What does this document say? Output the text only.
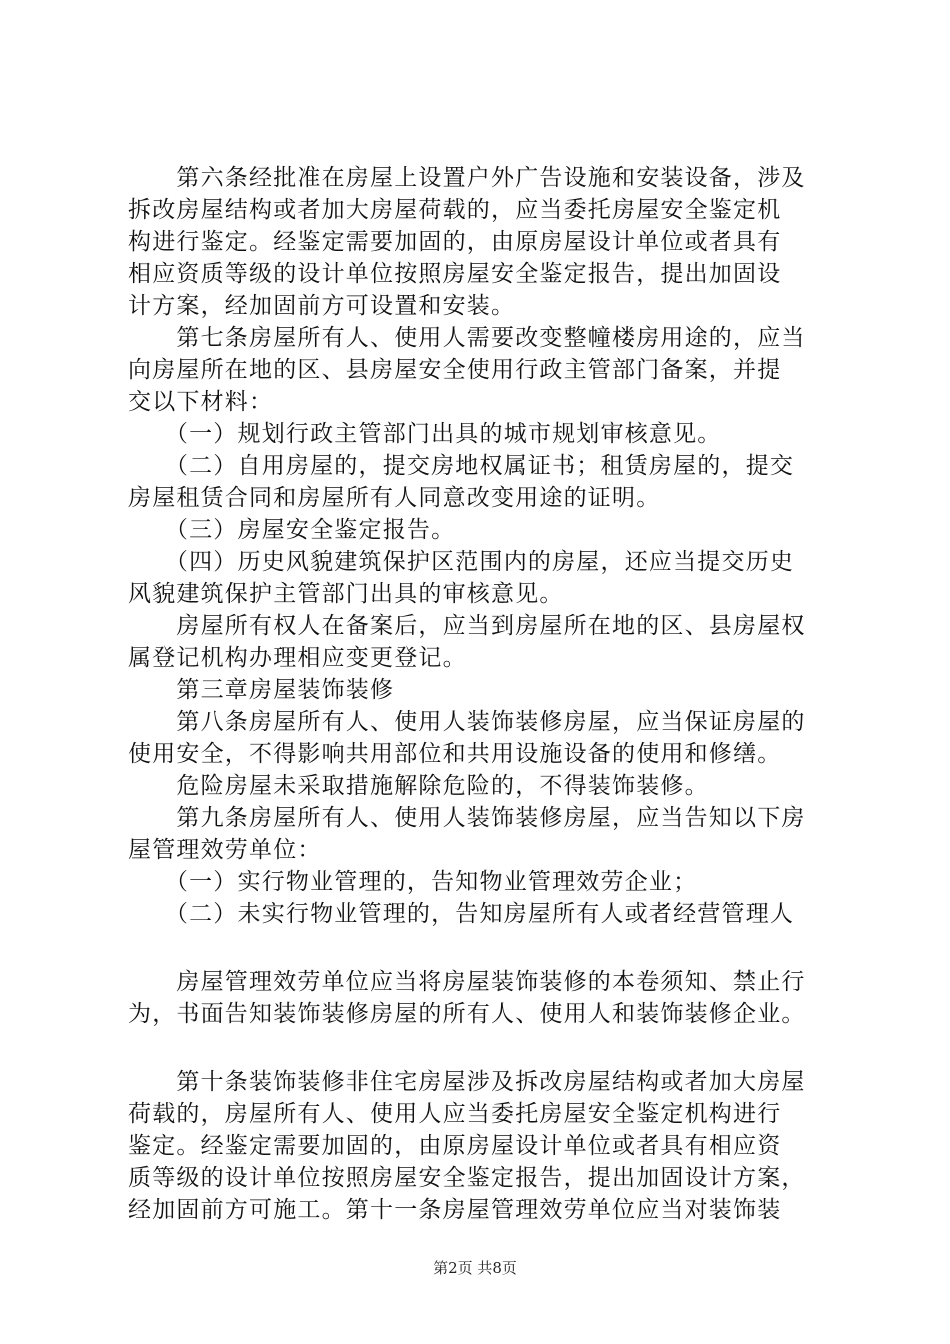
　　第六条经批准在房屋上设置户外广告设施和安装设备，涉及
拆改房屋结构或者加大房屋荷载的，应当委托房屋安全鉴定机
构进行鉴定。经鉴定需要加固的，由原房屋设计单位或者具有
相应资质等级的设计单位按照房屋安全鉴定报告，提出加固设
计方案，经加固前方可设置和安装。
　　第七条房屋所有人、使用人需要改变整幢楼房用途的，应当
向房屋所在地的区、县房屋安全使用行政主管部门备案，并提
交以下材料：
　　（一）规划行政主管部门出具的城市规划审核意见。
　　（二）自用房屋的，提交房地权属证书；租赁房屋的，提交
房屋租赁合同和房屋所有人同意改变用途的证明。
　　（三）房屋安全鉴定报告。
　　（四）历史风貌建筑保护区范围内的房屋，还应当提交历史
风貌建筑保护主管部门出具的审核意见。
　　房屋所有权人在备案后，应当到房屋所在地的区、县房屋权
属登记机构办理相应变更登记。
　　第三章房屋装饰装修
　　第八条房屋所有人、使用人装饰装修房屋，应当保证房屋的
使用安全，不得影响共用部位和共用设施设备的使用和修缮。
　　危险房屋未采取措施解除危险的，不得装饰装修。
　　第九条房屋所有人、使用人装饰装修房屋，应当告知以下房
屋管理效劳单位：
　　（一）实行物业管理的，告知物业管理效劳企业；
　　（二）未实行物业管理的，告知房屋所有人或者经营管理人
　　房屋管理效劳单位应当将房屋装饰装修的本卷须知、禁止行
为，书面告知装饰装修房屋的所有人、使用人和装饰装修企业。
　　第十条装饰装修非住宅房屋涉及拆改房屋结构或者加大房屋
荷载的，房屋所有人、使用人应当委托房屋安全鉴定机构进行
鉴定。经鉴定需要加固的，由原房屋设计单位或者具有相应资
质等级的设计单位按照房屋安全鉴定报告，提出加固设计方案，
经加固前方可施工。第十一条房屋管理效劳单位应当对装饰装
第2页 共8页
